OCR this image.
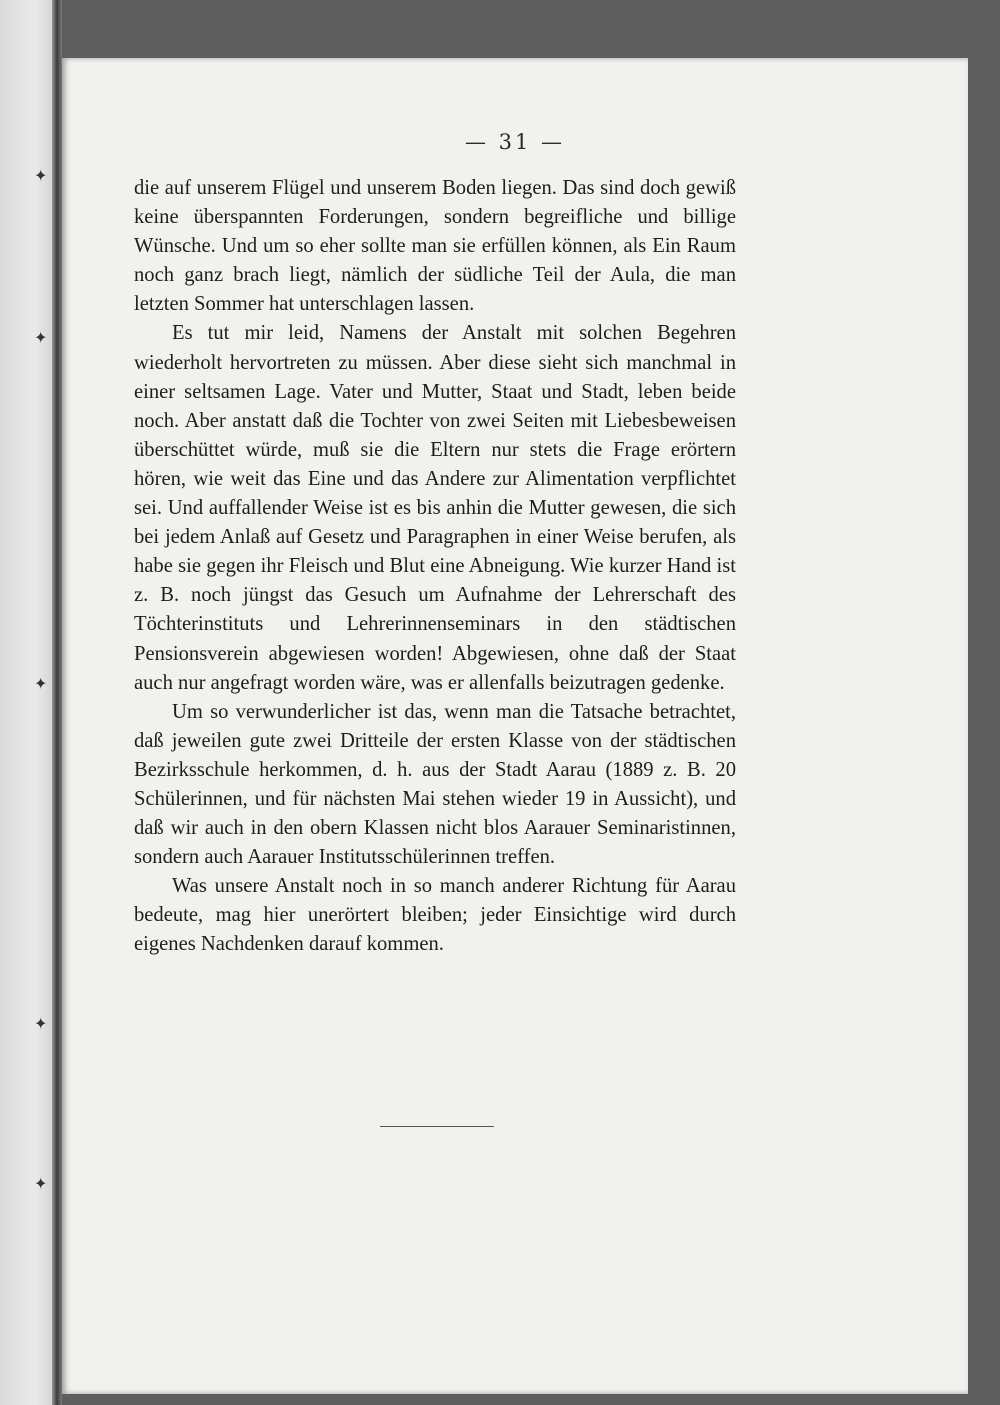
✦
✦
✦
✦
✦
— 31 —

die auf unserem Flügel und unserem Boden liegen. Das sind doch gewiß keine überspannten Forderungen, sondern begreifliche und billige Wünsche. Und um so eher sollte man sie erfüllen können, als Ein Raum noch ganz brach liegt, nämlich der südliche Teil der Aula, die man letzten Sommer hat unterschlagen lassen.

Es tut mir leid, Namens der Anstalt mit solchen Begehren wiederholt hervortreten zu müssen. Aber diese sieht sich manchmal in einer seltsamen Lage. Vater und Mutter, Staat und Stadt, leben beide noch. Aber anstatt daß die Tochter von zwei Seiten mit Liebesbeweisen überschüttet würde, muß sie die Eltern nur stets die Frage erörtern hören, wie weit das Eine und das Andere zur Alimentation verpflichtet sei. Und auffallender Weise ist es bis anhin die Mutter gewesen, die sich bei jedem Anlaß auf Gesetz und Paragraphen in einer Weise berufen, als habe sie gegen ihr Fleisch und Blut eine Abneigung. Wie kurzer Hand ist z. B. noch jüngst das Gesuch um Aufnahme der Lehrerschaft des Töchterinstituts und Lehrerinnenseminars in den städtischen Pensionsverein abgewiesen worden! Abgewiesen, ohne daß der Staat auch nur angefragt worden wäre, was er allenfalls beizutragen gedenke.

Um so verwunderlicher ist das, wenn man die Tatsache betrachtet, daß jeweilen gute zwei Dritteile der ersten Klasse von der städtischen Bezirksschule herkommen, d. h. aus der Stadt Aarau (1889 z. B. 20 Schülerinnen, und für nächsten Mai stehen wieder 19 in Aussicht), und daß wir auch in den obern Klassen nicht blos Aarauer Seminaristinnen, sondern auch Aarauer Institutsschülerinnen treffen.

Was unsere Anstalt noch in so manch anderer Richtung für Aarau bedeute, mag hier unerörtert bleiben; jeder Einsichtige wird durch eigenes Nachdenken darauf kommen.
